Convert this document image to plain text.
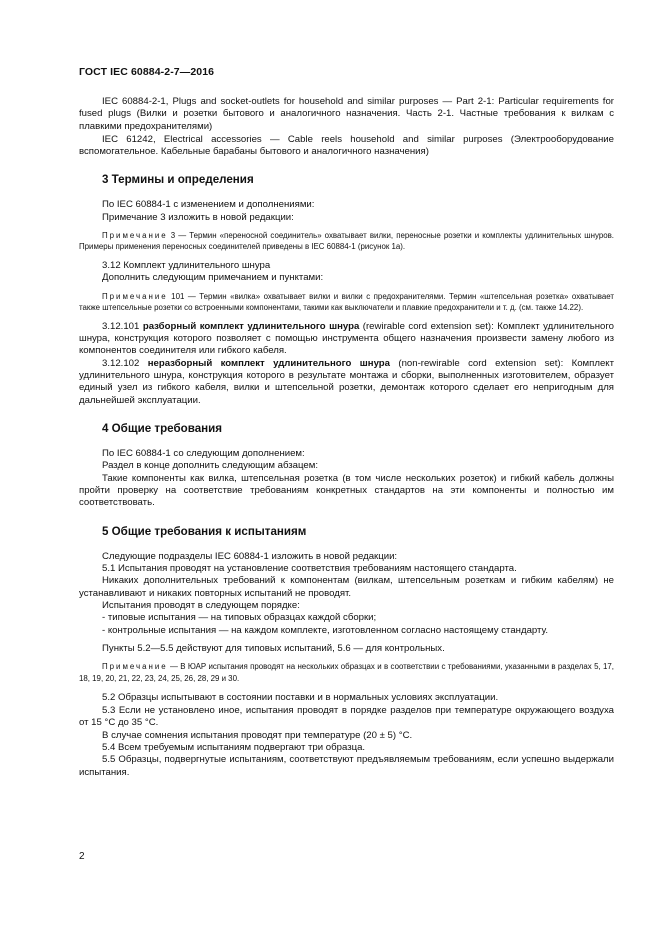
ГОСТ IEC 60884-2-7—2016

IEC 60884-2-1, Plugs and socket-outlets for household and similar purposes — Part 2-1: Particular requirements for fused plugs (Вилки и розетки бытового и аналогичного назначения. Часть 2-1. Частные требования к вилкам с плавкими предохранителями)

IEC 61242, Electrical accessories — Cable reels household and similar purposes (Электрооборудование вспомогательное. Кабельные барабаны бытового и аналогичного назначения)

3 Термины и определения

По IEC 60884-1 с изменением и дополнениями:

Примечание 3 изложить в новой редакции:

Примечание 3 — Термин «переносной соединитель» охватывает вилки, переносные розетки и комплекты удлинительных шнуров. Примеры применения переносных соединителей приведены в IEC 60884-1 (рисунок 1а).

3.12 Комплект удлинительного шнура

Дополнить следующим примечанием и пунктами:

Примечание 101 — Термин «вилка» охватывает вилки и вилки с предохранителями. Термин «штепсельная розетка» охватывает также штепсельные розетки со встроенными компонентами, такими как выключатели и плавкие предохранители и т. д. (см. также 14.22).

3.12.101 разборный комплект удлинительного шнура (rewirable cord extension set): Комплект удлинительного шнура, конструкция которого позволяет с помощью инструмента общего назначения произвести замену любого из компонентов соединителя или гибкого кабеля.

3.12.102 неразборный комплект удлинительного шнура (non-rewirable cord extension set): Комплект удлинительного шнура, конструкция которого в результате монтажа и сборки, выполненных изготовителем, образует единый узел из гибкого кабеля, вилки и штепсельной розетки, демонтаж которого сделает его непригодным для дальнейшей эксплуатации.

4 Общие требования

По IEC 60884-1 со следующим дополнением:

Раздел в конце дополнить следующим абзацем:

Такие компоненты как вилка, штепсельная розетка (в том числе нескольких розеток) и гибкий кабель должны пройти проверку на соответствие требованиям конкретных стандартов на эти компоненты и полностью им соответствовать.

5 Общие требования к испытаниям

Следующие подразделы IEC 60884-1 изложить в новой редакции:

5.1 Испытания проводят на установление соответствия требованиям настоящего стандарта.

Никаких дополнительных требований к компонентам (вилкам, штепсельным розеткам и гибким кабелям) не устанавливают и никаких повторных испытаний не проводят.

Испытания проводят в следующем порядке:

- типовые испытания — на типовых образцах каждой сборки;

- контрольные испытания — на каждом комплекте, изготовленном согласно настоящему стандарту.

Пункты 5.2—5.5 действуют для типовых испытаний, 5.6 — для контрольных.

Примечание — В ЮАР испытания проводят на нескольких образцах и в соответствии с требованиями, указанными в разделах 5, 17, 18, 19, 20, 21, 22, 23, 24, 25, 26, 28, 29 и 30.

5.2 Образцы испытывают в состоянии поставки и в нормальных условиях эксплуатации.

5.3 Если не установлено иное, испытания проводят в порядке разделов при температуре окружающего воздуха от 15 °C до 35 °C.

В случае сомнения испытания проводят при температуре (20 ± 5) °C.

5.4 Всем требуемым испытаниям подвергают три образца.

5.5 Образцы, подвергнутые испытаниям, соответствуют предъявляемым требованиям, если успешно выдержали испытания.

2
